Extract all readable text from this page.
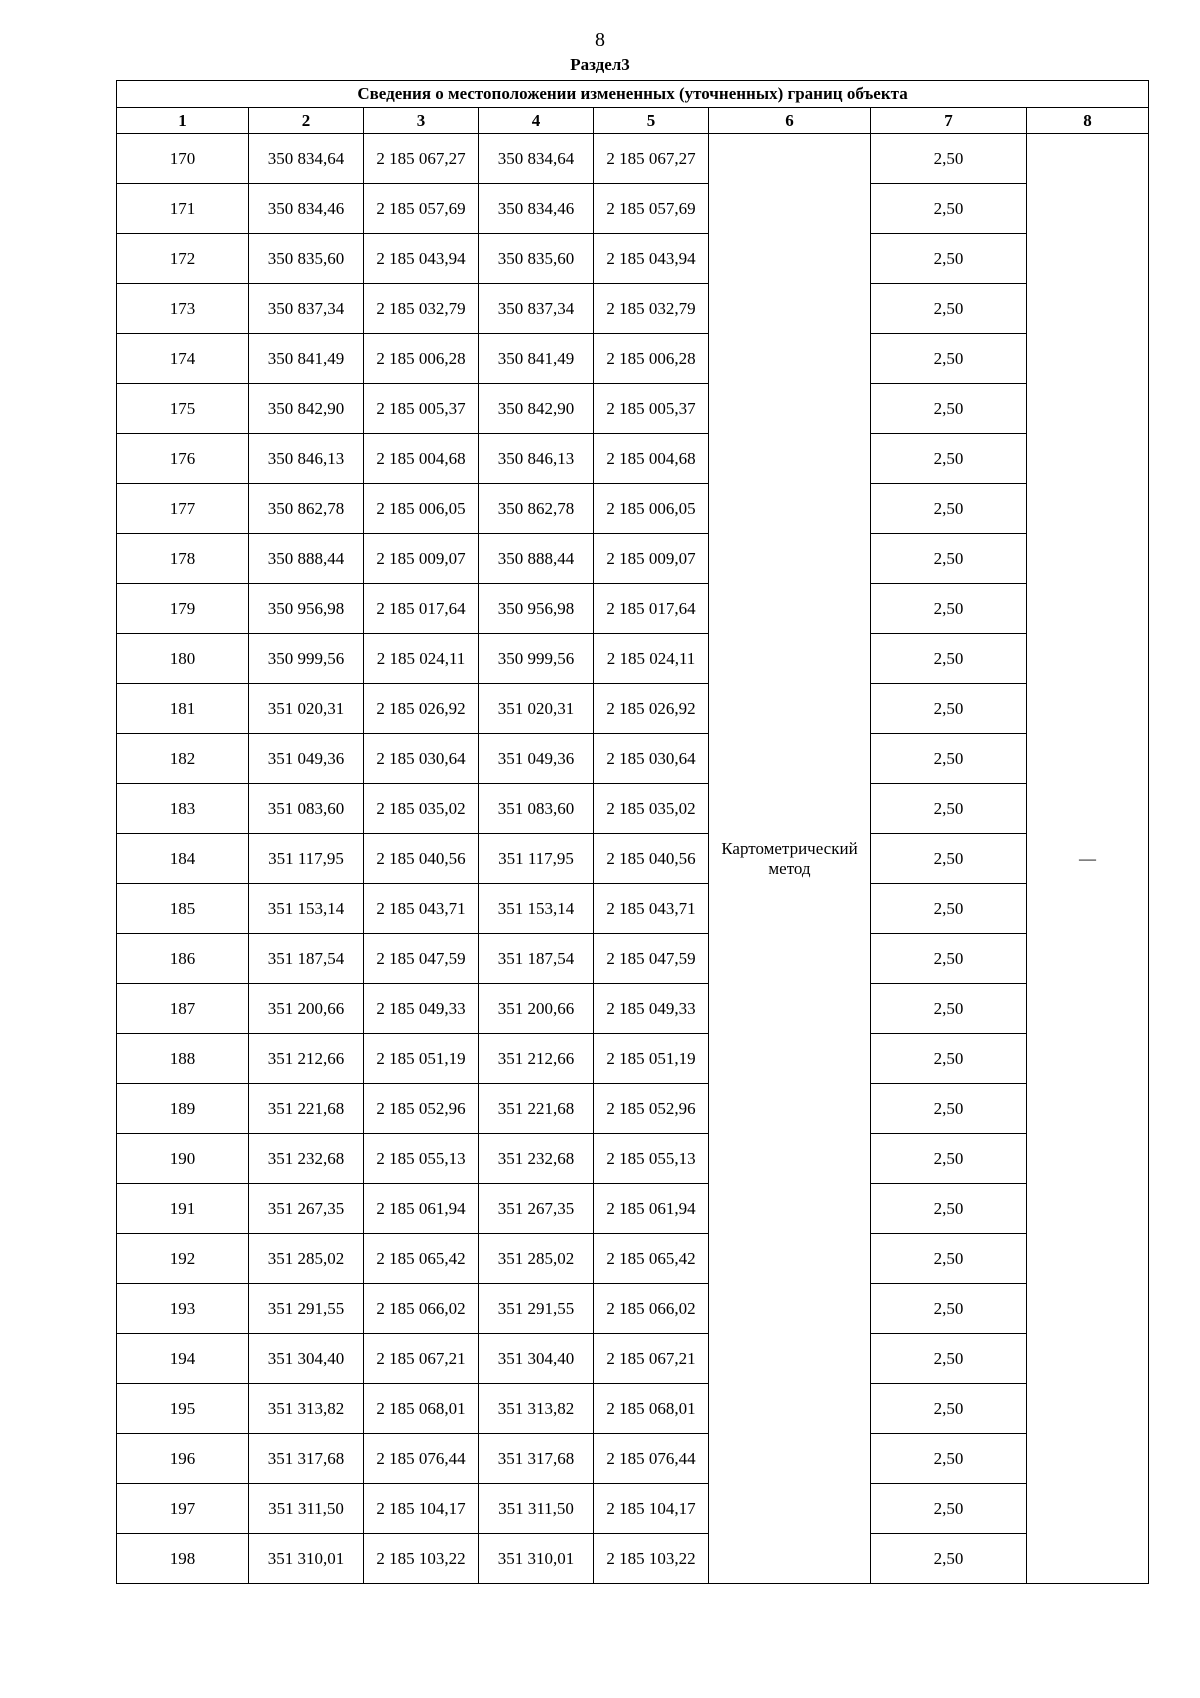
8
Раздел3
Сведения о местоположении измененных (уточненных) границ объекта							
1	2	3	4	5	6	7	8
170	350 834,64	2 185 067,27	350 834,64	2 185 067,27	Картометрический метод	2,50	—
171	350 834,46	2 185 057,69	350 834,46	2 185 057,69		2,50	
172	350 835,60	2 185 043,94	350 835,60	2 185 043,94		2,50	
173	350 837,34	2 185 032,79	350 837,34	2 185 032,79		2,50	
174	350 841,49	2 185 006,28	350 841,49	2 185 006,28		2,50	
175	350 842,90	2 185 005,37	350 842,90	2 185 005,37		2,50	
176	350 846,13	2 185 004,68	350 846,13	2 185 004,68		2,50	
177	350 862,78	2 185 006,05	350 862,78	2 185 006,05		2,50	
178	350 888,44	2 185 009,07	350 888,44	2 185 009,07		2,50	
179	350 956,98	2 185 017,64	350 956,98	2 185 017,64		2,50	
180	350 999,56	2 185 024,11	350 999,56	2 185 024,11		2,50	
181	351 020,31	2 185 026,92	351 020,31	2 185 026,92		2,50	
182	351 049,36	2 185 030,64	351 049,36	2 185 030,64		2,50	
183	351 083,60	2 185 035,02	351 083,60	2 185 035,02		2,50	
184	351 117,95	2 185 040,56	351 117,95	2 185 040,56		2,50	
185	351 153,14	2 185 043,71	351 153,14	2 185 043,71		2,50	
186	351 187,54	2 185 047,59	351 187,54	2 185 047,59		2,50	
187	351 200,66	2 185 049,33	351 200,66	2 185 049,33		2,50	
188	351 212,66	2 185 051,19	351 212,66	2 185 051,19		2,50	
189	351 221,68	2 185 052,96	351 221,68	2 185 052,96		2,50	
190	351 232,68	2 185 055,13	351 232,68	2 185 055,13		2,50	
191	351 267,35	2 185 061,94	351 267,35	2 185 061,94		2,50	
192	351 285,02	2 185 065,42	351 285,02	2 185 065,42		2,50	
193	351 291,55	2 185 066,02	351 291,55	2 185 066,02		2,50	
194	351 304,40	2 185 067,21	351 304,40	2 185 067,21		2,50	
195	351 313,82	2 185 068,01	351 313,82	2 185 068,01		2,50	
196	351 317,68	2 185 076,44	351 317,68	2 185 076,44		2,50	
197	351 311,50	2 185 104,17	351 311,50	2 185 104,17		2,50	
198	351 310,01	2 185 103,22	351 310,01	2 185 103,22		2,50	
